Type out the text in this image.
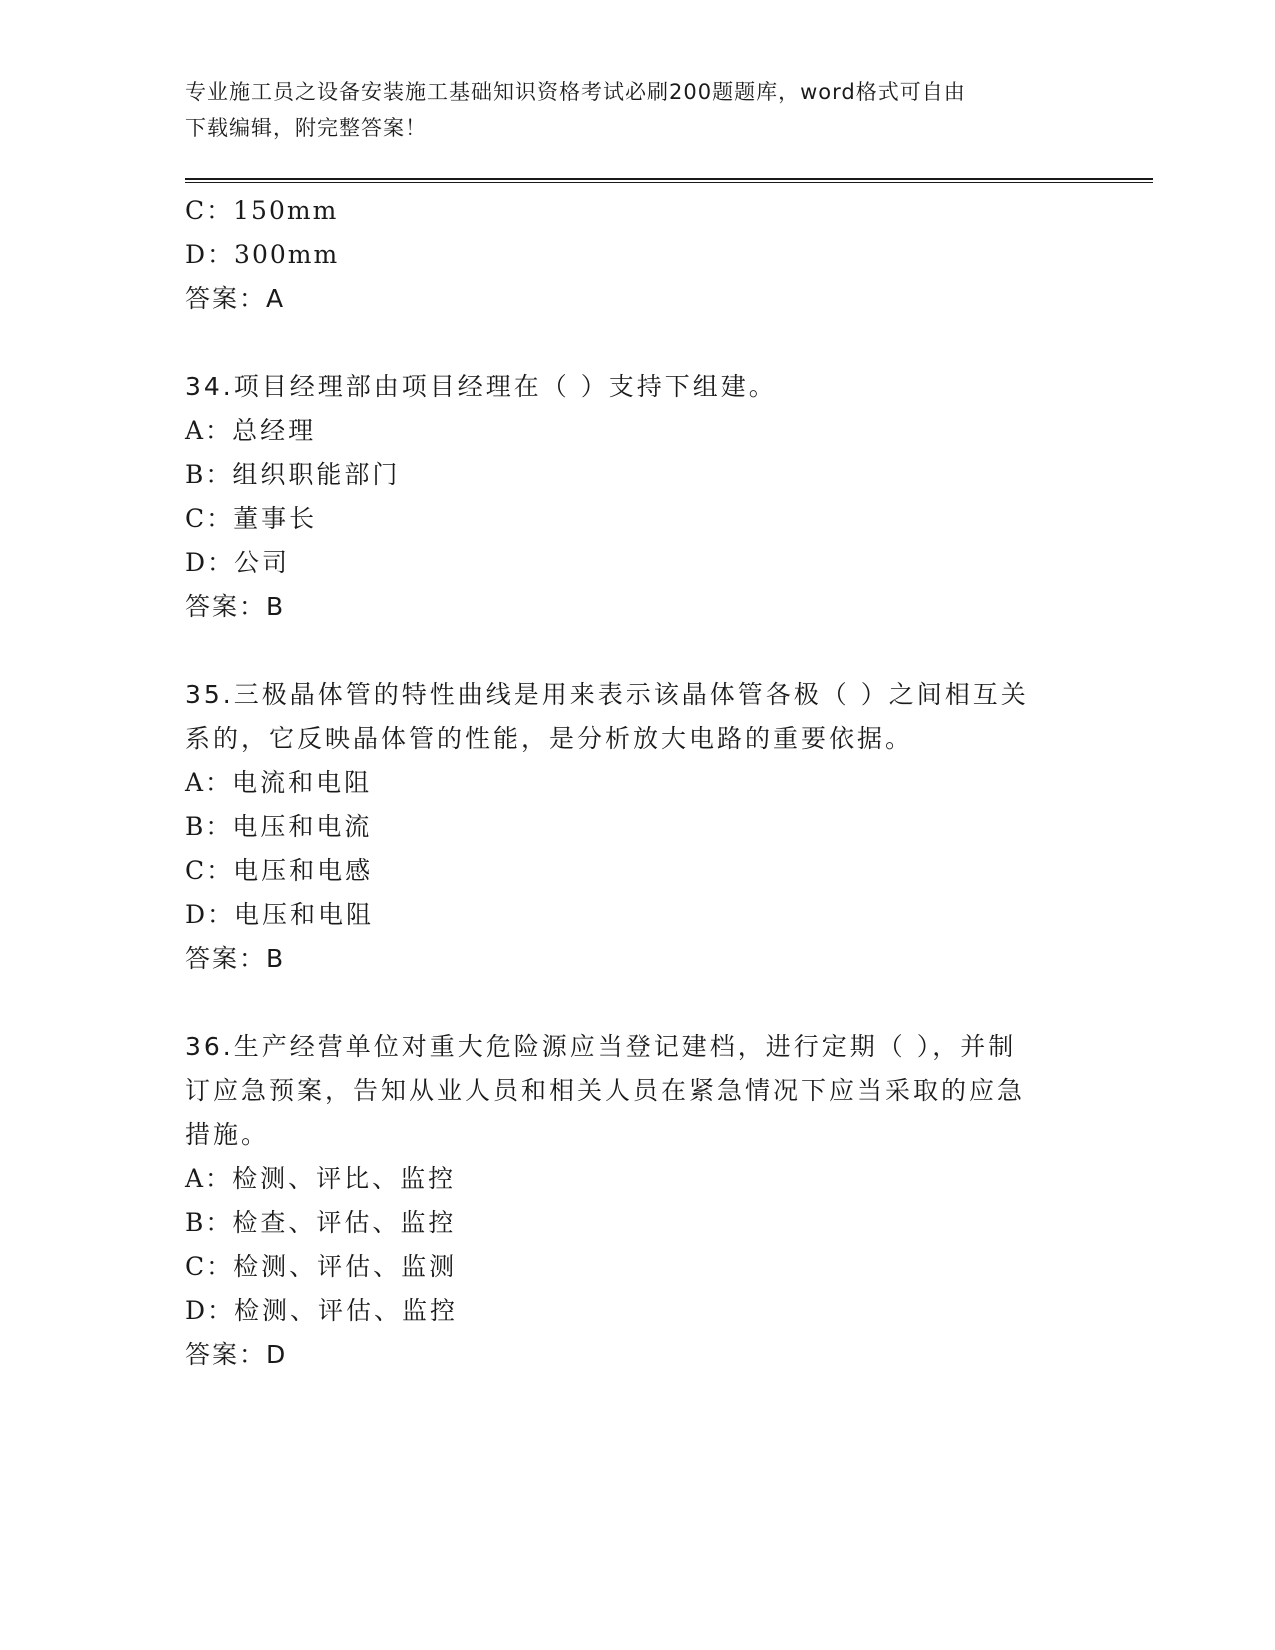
专业施工员之设备安装施工基础知识资格考试必刷200题题库，word格式可自由
下载编辑，附完整答案！
C：150mm
D：300mm
答案：A
34.项目经理部由项目经理在（ ）支持下组建。
A：总经理
B：组织职能部门
C：董事长
D：公司
答案：B
35.三极晶体管的特性曲线是用来表示该晶体管各极（ ）之间相互关
系的，它反映晶体管的性能，是分析放大电路的重要依据。
A：电流和电阻
B：电压和电流
C：电压和电感
D：电压和电阻
答案：B
36.生产经营单位对重大危险源应当登记建档，进行定期（ ），并制
订应急预案，告知从业人员和相关人员在紧急情况下应当采取的应急
措施。
A：检测、评比、监控
B：检查、评估、监控
C：检测、评估、监测
D：检测、评估、监控
答案：D
